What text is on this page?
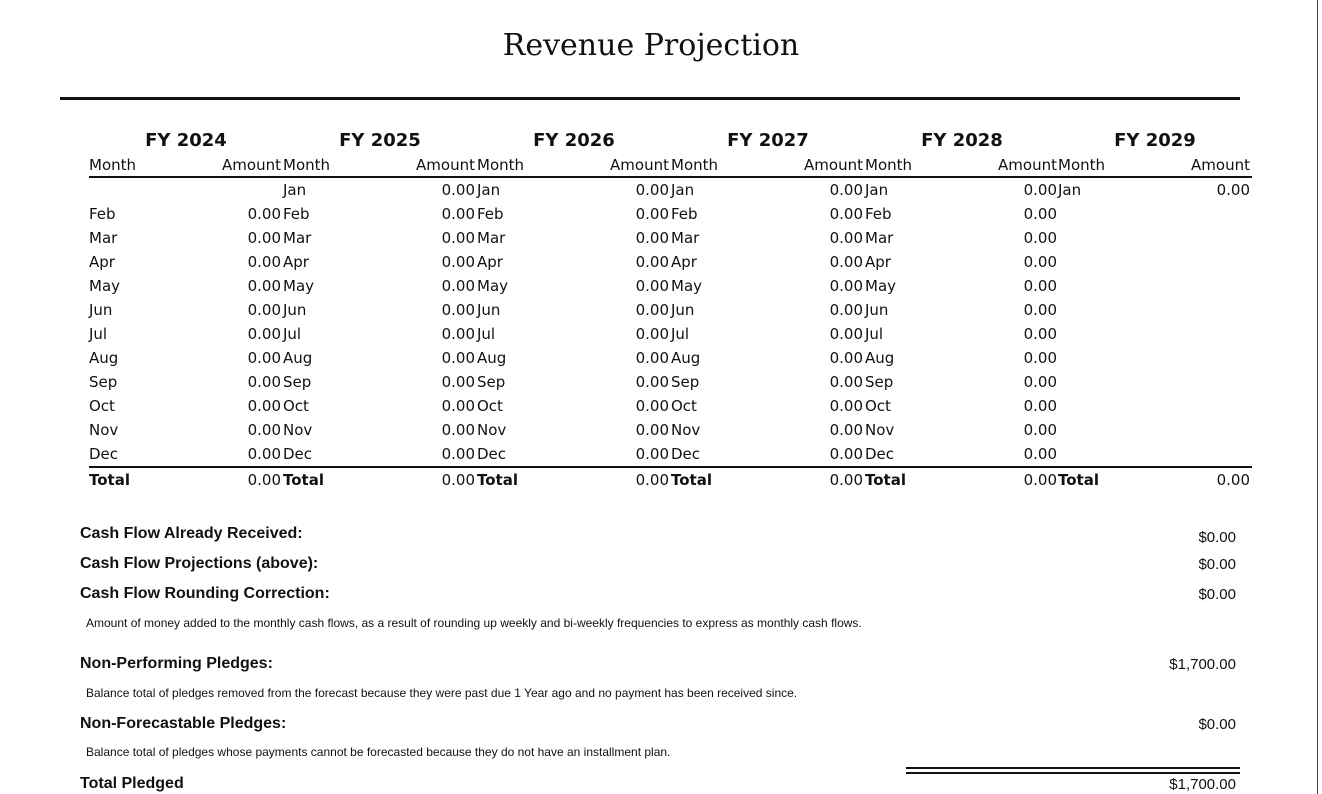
Revenue Projection
FY 2024
Month	Amount
Feb	0.00
Mar	0.00
Apr	0.00
May	0.00
Jun	0.00
Jul	0.00
Aug	0.00
Sep	0.00
Oct	0.00
Nov	0.00
Dec	0.00
Total	0.00
FY 2025
Month	Amount
Jan	0.00
Feb	0.00
Mar	0.00
Apr	0.00
May	0.00
Jun	0.00
Jul	0.00
Aug	0.00
Sep	0.00
Oct	0.00
Nov	0.00
Dec	0.00
Total	0.00
FY 2026
Month	Amount
Jan	0.00
Feb	0.00
Mar	0.00
Apr	0.00
May	0.00
Jun	0.00
Jul	0.00
Aug	0.00
Sep	0.00
Oct	0.00
Nov	0.00
Dec	0.00
Total	0.00
FY 2027
Month	Amount
Jan	0.00
Feb	0.00
Mar	0.00
Apr	0.00
May	0.00
Jun	0.00
Jul	0.00
Aug	0.00
Sep	0.00
Oct	0.00
Nov	0.00
Dec	0.00
Total	0.00
FY 2028
Month	Amount
Jan	0.00
Feb	0.00
Mar	0.00
Apr	0.00
May	0.00
Jun	0.00
Jul	0.00
Aug	0.00
Sep	0.00
Oct	0.00
Nov	0.00
Dec	0.00
Total	0.00
FY 2029
Month	Amount
Jan	0.00
Total	0.00
Cash Flow Already Received:	$0.00
Cash Flow Projections (above):	$0.00
Cash Flow Rounding Correction:	$0.00
Amount of money added to the monthly cash flows, as a result of rounding up weekly and bi-weekly frequencies to express as monthly cash flows.
Non-Performing Pledges:	$1,700.00
Balance total of pledges removed from the forecast because they were past due 1 Year ago and no payment has been received since.
Non-Forecastable Pledges:	$0.00
Balance total of pledges whose payments cannot be forecasted because they do not have an installment plan.
Total Pledged	$1,700.00
